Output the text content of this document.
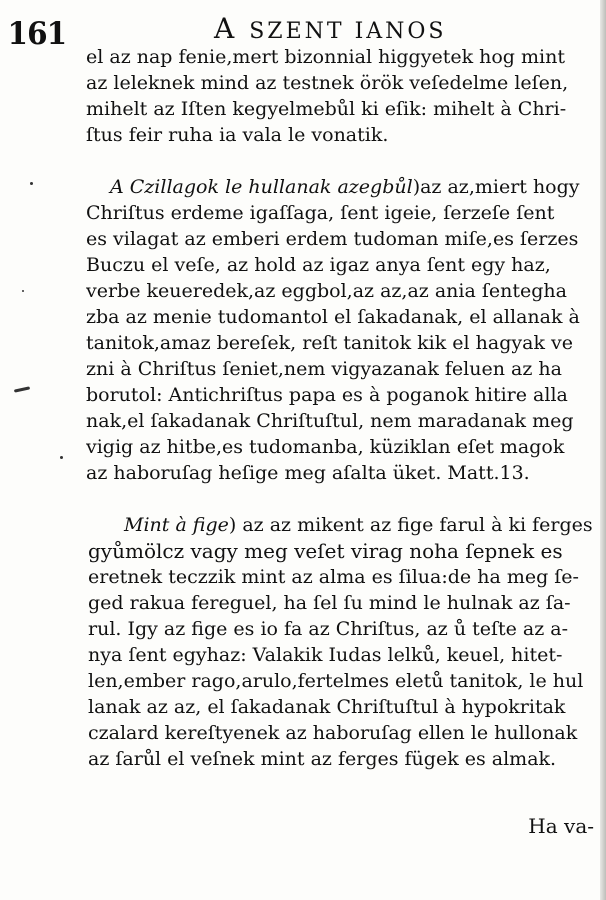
161	A SZENT IANOS
el az nap fenie,mert bizonnial higgyetek hog mint
az leleknek mind az testnek örök veſedelme leſen,
mihelt az Iſten kegyelmebůl ki eſik: mihelt à Chri-
ſtus feir ruha ia vala le vonatik.
A Czillagok le hullanak azegbůl)az az,miert hogy
Chriſtus erdeme igaſſaga, ſent igeie, ſerzeſe ſent
es vilagat az emberi erdem tudoman miſe,es ſerzes
Buczu el veſe, az hold az igaz anya ſent egy haz,
verbe keueredek,az eggbol,az az,az ania ſentegha
zba az menie tudomantol el ſakadanak, el allanak à
tanitok,amaz bereſek, reſt tanitok kik el hagyak ve
zni à Chriſtus ſeniet,nem vigyazanak feluen az ha
borutol: Antichriſtus papa es à poganok hitire alla
nak,el ſakadanak Chriſtuſtul, nem maradanak meg
vigig az hitbe,es tudomanba, küziklan eſet magok
az haboruſag heſige meg aſalta üket. Matt.13.
Mint à fige) az az mikent az fige farul à ki ferges
gyůmölcz vagy meg veſet virag noha ſepnek es
eretnek teczzik mint az alma es ſilua:de ha meg ſe-
ged rakua fereguel, ha ſel ſu mind le hulnak az ſa-
rul. Igy az fige es io fa az Chriſtus, az ů teſte az a-
nya ſent egyhaz: Valakik Iudas lelků, keuel, hitet-
len,ember rago,arulo,fertelmes eletů tanitok, le hul
lanak az az, el ſakadanak Chriſtuſtul à hypokritak
czalard kereſtyenek az haboruſag ellen le hullonak
az ſarůl el veſnek mint az ferges fügek es almak.
Ha va-
